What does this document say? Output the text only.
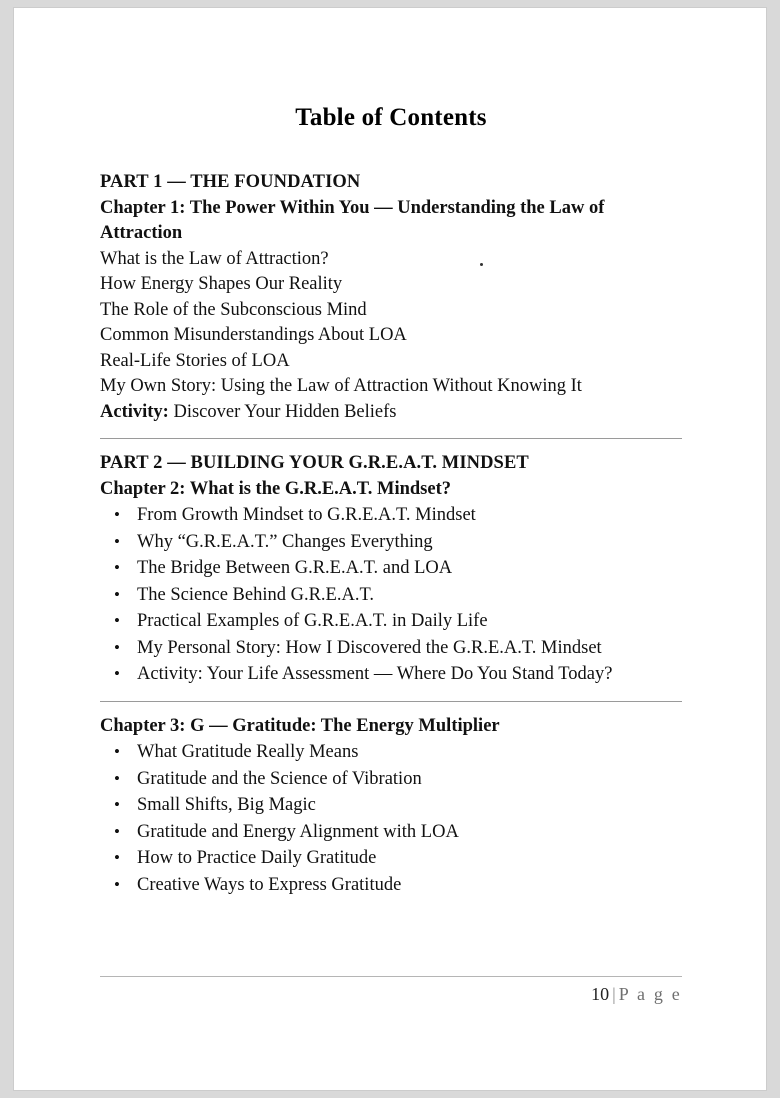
Table of Contents
PART 1 — THE FOUNDATION
Chapter 1: The Power Within You — Understanding the Law of Attraction
What is the Law of Attraction?
How Energy Shapes Our Reality
The Role of the Subconscious Mind
Common Misunderstandings About LOA
Real-Life Stories of LOA
My Own Story: Using the Law of Attraction Without Knowing It
Activity: Discover Your Hidden Beliefs
PART 2 — BUILDING YOUR G.R.E.A.T. MINDSET
Chapter 2: What is the G.R.E.A.T. Mindset?
• From Growth Mindset to G.R.E.A.T. Mindset
• Why “G.R.E.A.T.” Changes Everything
• The Bridge Between G.R.E.A.T. and LOA
• The Science Behind G.R.E.A.T.
• Practical Examples of G.R.E.A.T. in Daily Life
• My Personal Story: How I Discovered the G.R.E.A.T. Mindset
• Activity: Your Life Assessment — Where Do You Stand Today?
Chapter 3: G — Gratitude: The Energy Multiplier
• What Gratitude Really Means
• Gratitude and the Science of Vibration
• Small Shifts, Big Magic
• Gratitude and Energy Alignment with LOA
• How to Practice Daily Gratitude
• Creative Ways to Express Gratitude
10 | P a g e
